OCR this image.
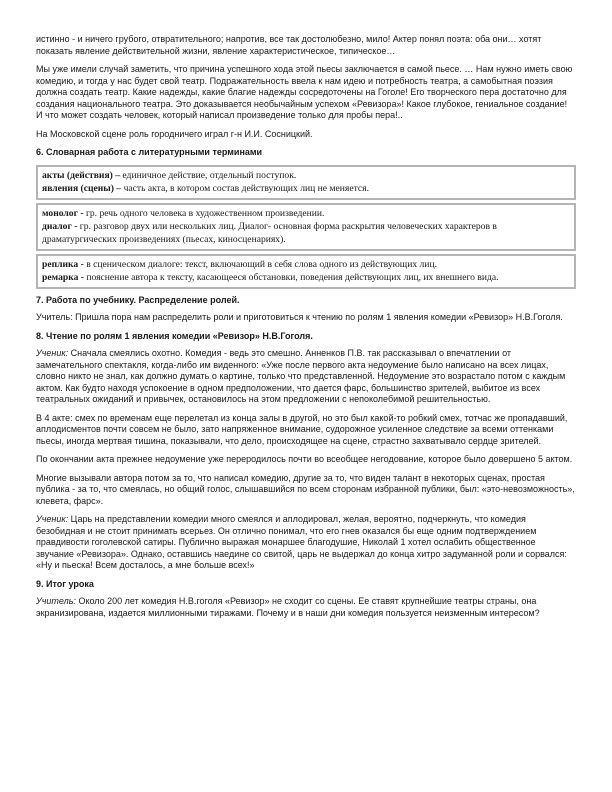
истинно - и ничего грубого, отвратительного; напротив, все так достолюбезно, мило! Актер понял поэта: оба они… хотят показать явление действительной жизни, явление характеристическое, типическое…

Мы уже имели случай заметить, что причина успешного хода этой пьесы заключается в самой пьесе. … Нам нужно иметь свою комедию, и тогда у нас будет свой театр. Подражательность ввела к нам идею и потребность театра, а самобытная поэзия должна создать театр. Какие надежды, какие благие надежды сосредоточены на Гоголе! Его творческого пера достаточно для создания национального театра. Это доказывается необычайным успехом «Ревизора»! Какое глубокое, гениальное создание! И что может создать человек, который написал произведение только для пробы пера!..

На Московской сцене роль городничего играл г-н И.И. Сосницкий.

6. Словарная работа с литературными терминами
акты (действия) – единичное действие, отдельный поступок.
явления (сцены) – часть акта, в котором состав действующих лиц не меняется.
монолог - гр. речь одного человека в художественном произведении.
диалог - гр. разговор двух или нескольких лиц. Диалог- основная форма раскрытия человеческих характеров в драматургических произведениях (пьесах, киносценариях).
реплика - в сценическом диалоге: текст, включающий в себя слова одного из действующих лиц.
ремарка - пояснение автора к тексту, касающееся обстановки, поведения действующих лиц, их внешнего вида.
7. Работа по учебнику. Распределение ролей.

Учитель: Пришла пора нам распределить роли и приготовиться к чтению по ролям 1 явления комедии «Ревизор» Н.В.Гоголя.

8. Чтение по ролям 1 явления комедии «Ревизор» Н.В.Гоголя.

Ученик: Сначала смеялись охотно. Комедия - ведь это смешно. Анненков П.В. так рассказывал о впечатлении от замечательного спектакля, когда-либо им виденного: «Уже после первого акта недоумение было написано на всех лицах, словно никто не знал, как должно думать о картине, только что представленной. Недоумение это возрастало потом с каждым актом. Как будто находя успокоение в одном предположении, что дается фарс, большинство зрителей, выбитое из всех театральных ожиданий и привычек, остановилось на этом предложении с непоколебимой решительностью.

В 4 акте: смех по временам еще перелетал из конца залы в другой, но это был какой-то робкий смех, тотчас же пропадавший, аплодисментов почти совсем не было, зато напряженное внимание, судорожное усиленное следствие за всеми оттенками пьесы, иногда мертвая тишина, показывали, что дело, происходящее на сцене, страстно захватывало сердце зрителей.

По окончании акта прежнее недоумение уже переродилось почти во всеобщее негодование, которое было довершено 5 актом.

Многие вызывали автора потом за то, что написал комедию, другие за то, что виден талант в некоторых сценах, простая публика - за то, что смеялась, но общий голос, слышавшийся по всем сторонам избранной публики, был: «это-невозможность», клевета, фарс».

Ученик: Царь на представлении комедии много смеялся и аплодировал, желая, вероятно, подчеркнуть, что комедия безобидная и не стоит принимать всерьез. Он отлично понимал, что его гнев оказался бы еще одним подтверждением правдивости гоголевской сатиры. Публично выражая монаршее благодушие, Николай 1 хотел ослабить общественное звучание «Ревизора». Однако, оставшись наедине со свитой, царь не выдержал до конца хитро задуманной роли и сорвался: «Ну и пьеска! Всем досталось, а мне больше всех!»

9. Итог урока

Учитель: Около 200 лет комедия Н.В.гоголя «Ревизор» не сходит со сцены. Ее ставят крупнейшие театры страны, она экранизирована, издается миллионными тиражами. Почему и в наши дни комедия пользуется неизменным интересом?
